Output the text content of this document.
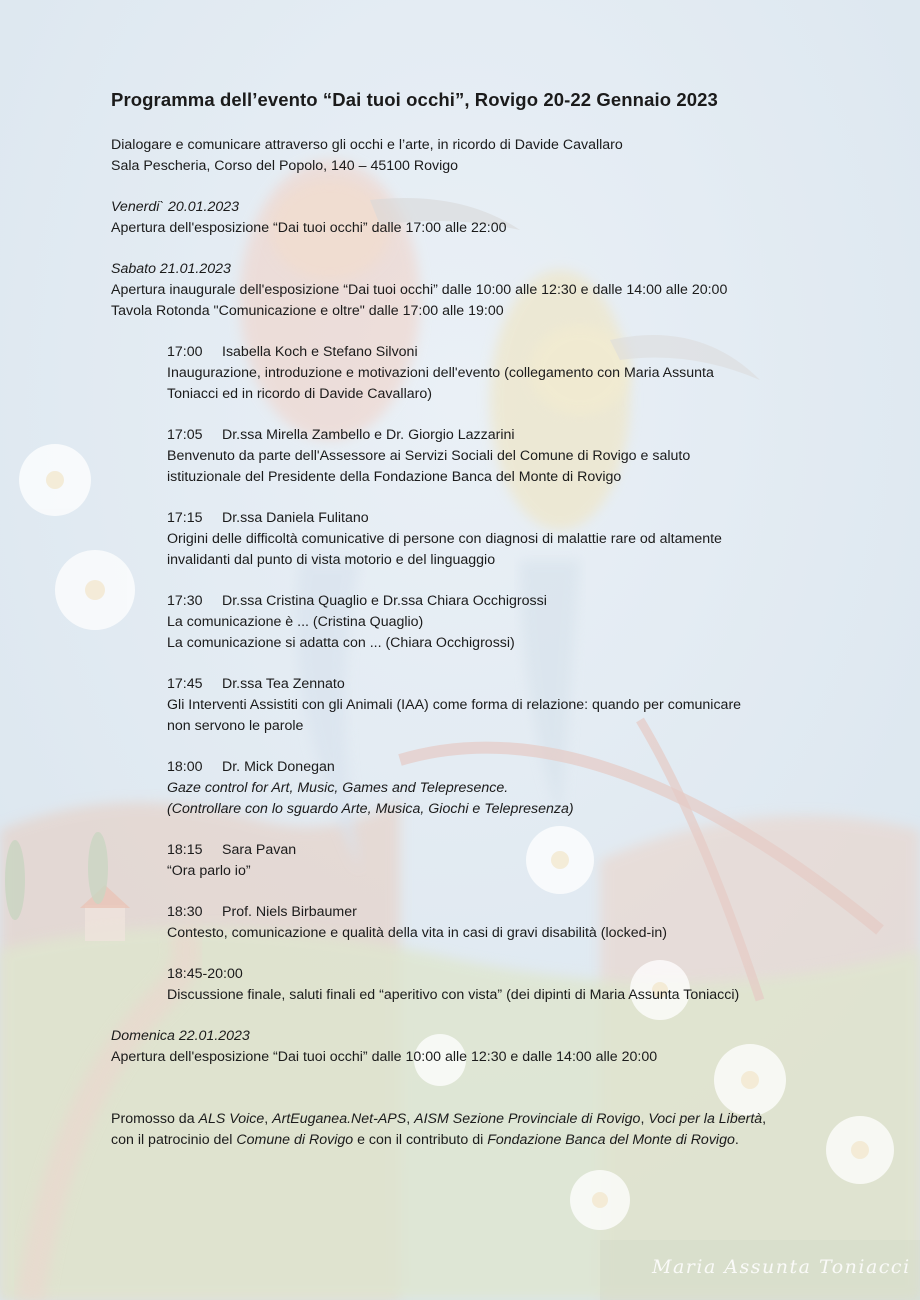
Programma dell’evento “Dai tuoi occhi”, Rovigo 20-22 Gennaio 2023
Dialogare e comunicare attraverso gli occhi e l’arte, in ricordo di Davide Cavallaro
Sala Pescheria, Corso del Popolo, 140 – 45100 Rovigo
Venerdi` 20.01.2023
Apertura dell'esposizione “Dai tuoi occhi” dalle 17:00 alle 22:00
Sabato 21.01.2023
Apertura inaugurale dell'esposizione “Dai tuoi occhi” dalle 10:00 alle 12:30 e dalle 14:00 alle 20:00
Tavola Rotonda "Comunicazione e oltre" dalle 17:00 alle 19:00
17:00 Isabella Koch e Stefano Silvoni
Inaugurazione, introduzione e motivazioni dell'evento (collegamento con Maria Assunta
Toniacci ed in ricordo di Davide Cavallaro)
17:05 Dr.ssa Mirella Zambello e Dr. Giorgio Lazzarini
Benvenuto da parte dell'Assessore ai Servizi Sociali del Comune di Rovigo e saluto
istituzionale del Presidente della Fondazione Banca del Monte di Rovigo
17:15 Dr.ssa Daniela Fulitano
Origini delle difficoltà comunicative di persone con diagnosi di malattie rare od altamente
invalidanti dal punto di vista motorio e del linguaggio
17:30 Dr.ssa Cristina Quaglio e Dr.ssa Chiara Occhigrossi
La comunicazione è ... (Cristina Quaglio)
La comunicazione si adatta con ... (Chiara Occhigrossi)
17:45 Dr.ssa Tea Zennato
Gli Interventi Assistiti con gli Animali (IAA) come forma di relazione: quando per comunicare
non servono le parole
18:00 Dr. Mick Donegan
Gaze control for Art, Music, Games and Telepresence.
(Controllare con lo sguardo Arte, Musica, Giochi e Telepresenza)
18:15 Sara Pavan
“Ora parlo io”
18:30 Prof. Niels Birbaumer
Contesto, comunicazione e qualità della vita in casi di gravi disabilità (locked-in)
18:45-20:00
Discussione finale, saluti finali ed “aperitivo con vista” (dei dipinti di Maria Assunta Toniacci)
Domenica 22.01.2023
Apertura dell'esposizione “Dai tuoi occhi” dalle 10:00 alle 12:30 e dalle 14:00 alle 20:00
Promosso da ALS Voice, ArtEuganea.Net-APS, AISM Sezione Provinciale di Rovigo, Voci per la Libertà,
con il patrocinio del Comune di Rovigo e con il contributo di Fondazione Banca del Monte di Rovigo.
Maria Assunta Toniacci
